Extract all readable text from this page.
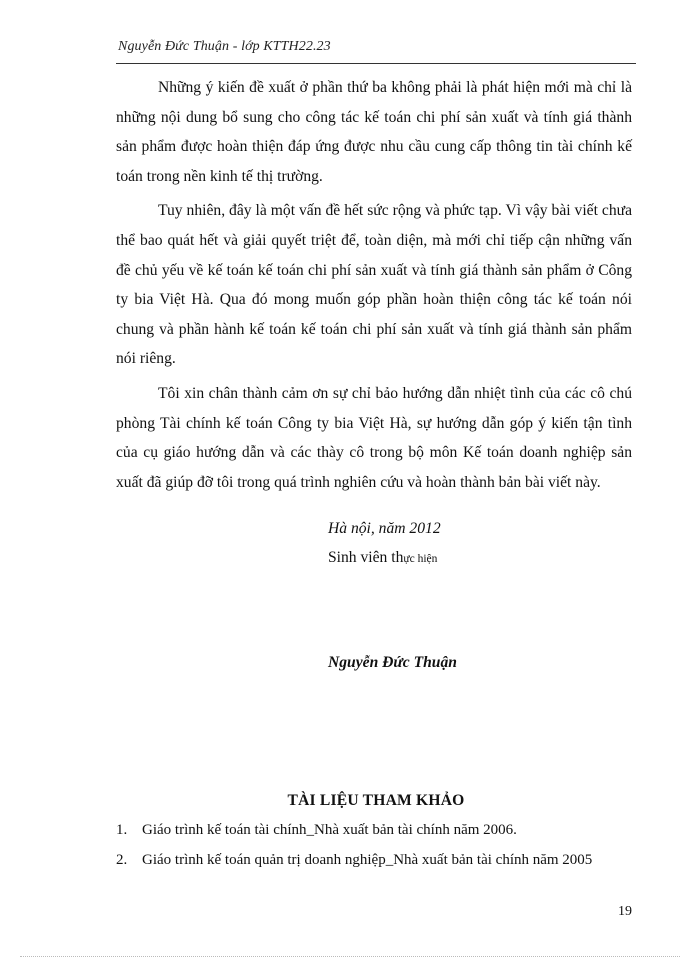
Nguyễn Đức Thuận - lớp KTTH22.23

Những ý kiến đề xuất ở phần thứ ba không phải là phát hiện mới mà chỉ là những nội dung bổ sung cho công tác kế toán chi phí sản xuất và tính giá thành sản phẩm được hoàn thiện đáp ứng được nhu cầu cung cấp thông tin tài chính kế toán trong nền kinh tế thị trường.

Tuy nhiên, đây là một vấn đề hết sức rộng và phức tạp. Vì vậy bài viết chưa thể bao quát hết và giải quyết triệt để, toàn diện, mà mới chỉ tiếp cận những vấn đề chủ yếu về kế toán kế toán chi phí sản xuất và tính giá thành sản phẩm ở Công ty bia Việt Hà. Qua đó mong muốn góp phần hoàn thiện công tác kế toán nói chung và phần hành kế toán kế toán chi phí sản xuất và tính giá thành sản phẩm nói riêng.

Tôi xin chân thành cảm ơn sự chỉ bảo hướng dẫn nhiệt tình của các cô chú phòng Tài chính kế toán Công ty bia Việt Hà, sự hướng dẫn góp ý kiến tận tình của cụ giáo hướng dẫn và các thày cô trong bộ môn Kế toán doanh nghiệp sản xuất đã giúp đỡ tôi trong quá trình nghiên cứu và hoàn thành bản bài viết này.

Hà nội, năm 2012
Sinh viên thực hiện
Nguyễn Đức Thuận
TÀI LIỆU THAM KHẢO
1. Giáo trình kế toán tài chính_Nhà xuất bản tài chính năm 2006.
2. Giáo trình kế toán quản trị doanh nghiệp_Nhà xuất bản tài chính năm 2005
19
